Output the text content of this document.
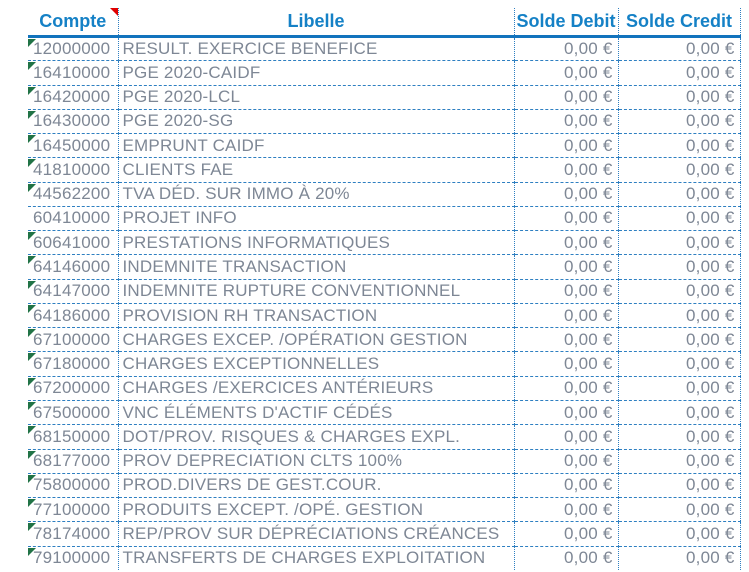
Compte	Libelle	Solde Debit	Solde Credit

12000000	RESULT. EXERCICE BENEFICE	0,00 €	0,00 €

16410000	PGE 2020-CAIDF	0,00 €	0,00 €

16420000	PGE 2020-LCL	0,00 €	0,00 €

16430000	PGE 2020-SG	0,00 €	0,00 €

16450000	EMPRUNT CAIDF	0,00 €	0,00 €

41810000	CLIENTS FAE	0,00 €	0,00 €

44562200	TVA DÉD. SUR IMMO À 20%	0,00 €	0,00 €
60410000	PROJET INFO	0,00 €	0,00 €

60641000	PRESTATIONS INFORMATIQUES	0,00 €	0,00 €

64146000	INDEMNITE TRANSACTION	0,00 €	0,00 €

64147000	INDEMNITE RUPTURE CONVENTIONNEL	0,00 €	0,00 €

64186000	PROVISION RH TRANSACTION	0,00 €	0,00 €

67100000	CHARGES EXCEP. /OPÉRATION GESTION	0,00 €	0,00 €

67180000	CHARGES EXCEPTIONNELLES	0,00 €	0,00 €

67200000	CHARGES /EXERCICES ANTÉRIEURS	0,00 €	0,00 €

67500000	VNC ÉLÉMENTS D'ACTIF CÉDÉS	0,00 €	0,00 €

68150000	DOT/PROV. RISQUES & CHARGES EXPL.	0,00 €	0,00 €

68177000	PROV DEPRECIATION CLTS 100%	0,00 €	0,00 €

75800000	PROD.DIVERS DE GEST.COUR.	0,00 €	0,00 €

77100000	PRODUITS EXCEPT. /OPÉ. GESTION	0,00 €	0,00 €

78174000	REP/PROV SUR DÉPRÉCIATIONS CRÉANCES	0,00 €	0,00 €

79100000	TRANSFERTS DE CHARGES EXPLOITATION	0,00 €	0,00 €
